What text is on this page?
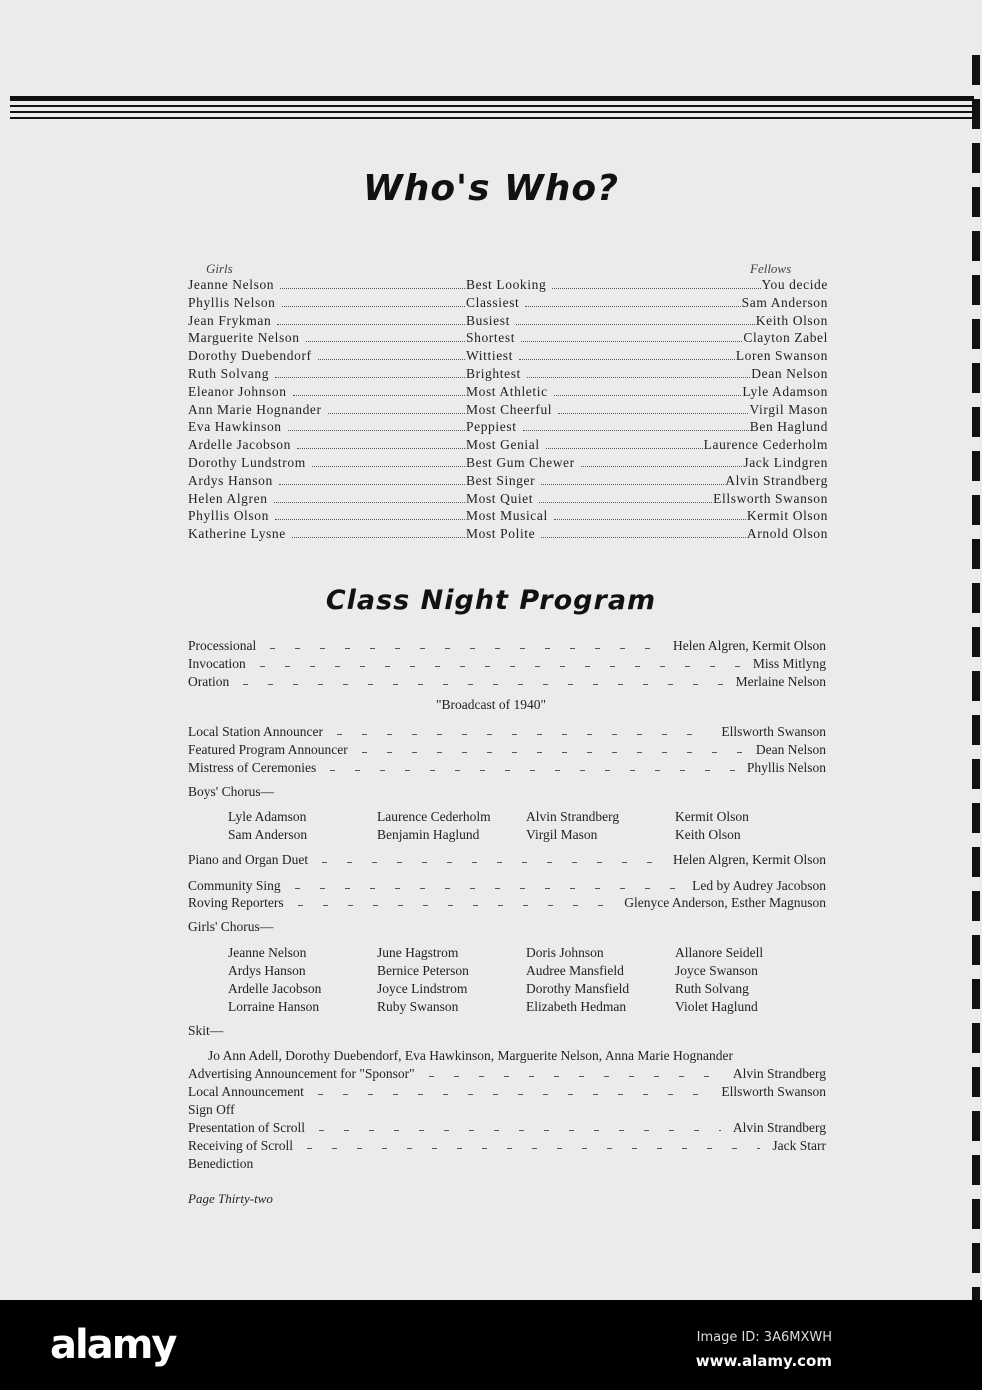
Who's Who?
Girls	Fellows
Jeanne Nelson	Best Looking	You decide
Phyllis Nelson	Classiest	Sam Anderson
Jean Frykman	Busiest	Keith Olson
Marguerite Nelson	Shortest	Clayton Zabel
Dorothy Duebendorf	Wittiest	Loren Swanson
Ruth Solvang	Brightest	Dean Nelson
Eleanor Johnson	Most Athletic	Lyle Adamson
Ann Marie Hognander	Most Cheerful	Virgil Mason
Eva Hawkinson	Peppiest	Ben Haglund
Ardelle Jacobson	Most Genial	Laurence Cederholm
Dorothy Lundstrom	Best Gum Chewer	Jack Lindgren
Ardys Hanson	Best Singer	Alvin Strandberg
Helen Algren	Most Quiet	Ellsworth Swanson
Phyllis Olson	Most Musical	Kermit Olson
Katherine Lysne	Most Polite	Arnold Olson
Class Night Program
"Broadcast of 1940"
Boys' Chorus—
Lyle Adamson	Laurence Cederholm	Alvin Strandberg	Kermit Olson
Sam Anderson	Benjamin Haglund	Virgil Mason	Keith Olson
Girls' Chorus—
Jeanne Nelson	June Hagstrom	Doris Johnson	Allanore Seidell
Ardys Hanson	Bernice Peterson	Audree Mansfield	Joyce Swanson
Ardelle Jacobson	Joyce Lindstrom	Dorothy Mansfield	Ruth Solvang
Lorraine Hanson	Ruby Swanson	Elizabeth Hedman	Violet Haglund
Skit—
Jo Ann Adell, Dorothy Duebendorf, Eva Hawkinson, Marguerite Nelson, Anna Marie Hognander
Processional	Helen Algren, Kermit Olson
Invocation	Miss Mitlyng
Oration	Merlaine Nelson
Local Station Announcer	Ellsworth Swanson
Featured Program Announcer	Dean Nelson
Mistress of Ceremonies	Phyllis Nelson
Piano and Organ Duet	Helen Algren, Kermit Olson
Community Sing	Led by Audrey Jacobson
Roving Reporters	Glenyce Anderson, Esther Magnuson
Advertising Announcement for "Sponsor"	Alvin Strandberg
Local Announcement	Ellsworth Swanson
Sign Off
Presentation of Scroll	Alvin Strandberg
Receiving of Scroll	Jack Starr
Benediction
Page Thirty-two
alamy	Image ID: 3A6MXWH
www.alamy.com
